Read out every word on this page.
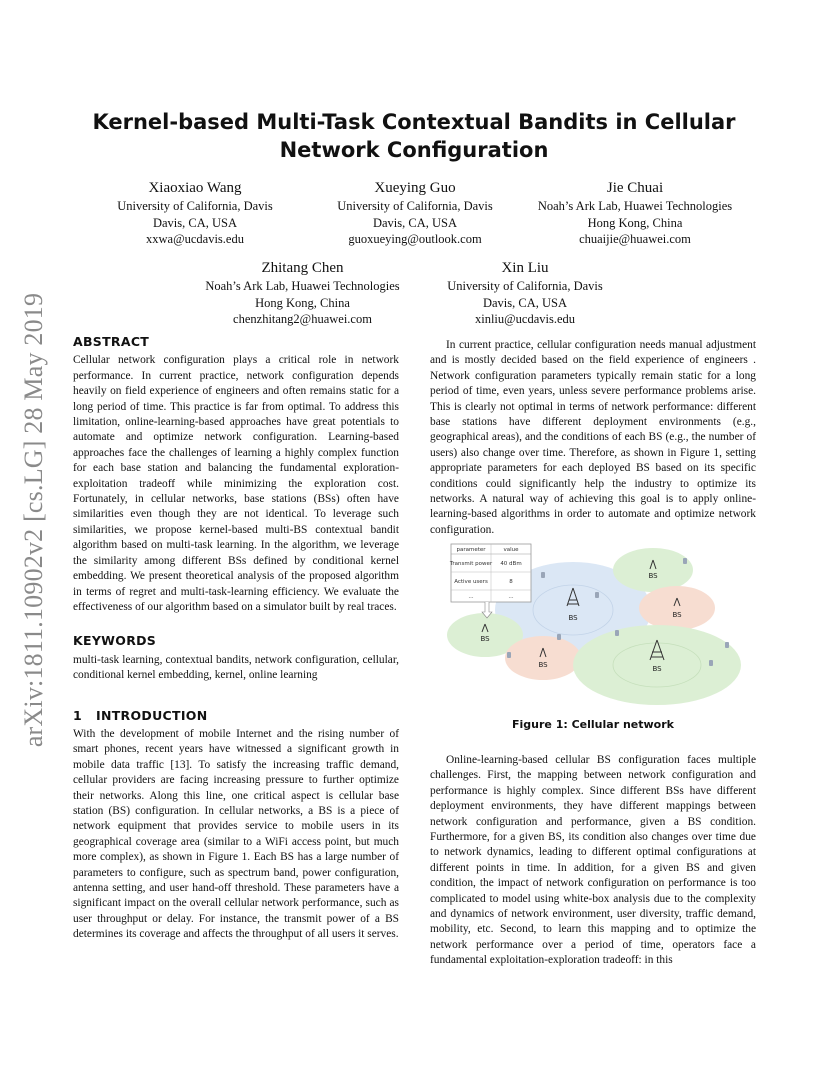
arXiv:1811.10902v2 [cs.LG] 28 May 2019
Kernel-based Multi-Task Contextual Bandits in Cellular Network Configuration
Xiaoxiao Wang
University of California, Davis
Davis, CA, USA
xxwa@ucdavis.edu
Xueying Guo
University of California, Davis
Davis, CA, USA
guoxueying@outlook.com
Jie Chuai
Noah’s Ark Lab, Huawei Technologies
Hong Kong, China
chuaijie@huawei.com
Zhitang Chen
Noah’s Ark Lab, Huawei Technologies
Hong Kong, China
chenzhitang2@huawei.com
Xin Liu
University of California, Davis
Davis, CA, USA
xinliu@ucdavis.edu
ABSTRACT

Cellular network configuration plays a critical role in network performance. In current practice, network configuration depends heavily on field experience of engineers and often remains static for a long period of time. This practice is far from optimal. To address this limitation, online-learning-based approaches have great potentials to automate and optimize network configuration. Learning-based approaches face the challenges of learning a highly complex function for each base station and balancing the fundamental exploration-exploitation tradeoff while minimizing the exploration cost. Fortunately, in cellular networks, base stations (BSs) often have similarities even though they are not identical. To leverage such similarities, we propose kernel-based multi-BS contextual bandit algorithm based on multi-task learning. In the algorithm, we leverage the similarity among different BSs defined by conditional kernel embedding. We present theoretical analysis of the proposed algorithm in terms of regret and multi-task-learning efficiency. We evaluate the effectiveness of our algorithm based on a simulator built by real traces.

KEYWORDS

multi-task learning, contextual bandits, network configuration, cellular, conditional kernel embedding, kernel, online learning

1 INTRODUCTION

With the development of mobile Internet and the rising number of smart phones, recent years have witnessed a significant growth in mobile data traffic [13]. To satisfy the increasing traffic demand, cellular providers are facing increasing pressure to further optimize their networks. Along this line, one critical aspect is cellular base station (BS) configuration. In cellular networks, a BS is a piece of network equipment that provides service to mobile users in its geographical coverage area (similar to a WiFi access point, but much more complex), as shown in Figure 1. Each BS has a large number of parameters to configure, such as spectrum band, power configuration, antenna setting, and user hand-off threshold. These parameters have a significant impact on the overall cellular network performance, such as user throughput or delay. For instance, the transmit power of a BS determines its coverage and affects the throughput of all users it serves.

In current practice, cellular configuration needs manual adjustment and is mostly decided based on the field experience of engineers . Network configuration parameters typically remain static for a long period of time, even years, unless severe performance problems arise. This is clearly not optimal in terms of network performance: different base stations have different deployment environments (e.g., geographical areas), and the conditions of each BS (e.g., the number of users) also change over time. Therefore, as shown in Figure 1, setting appropriate parameters for each deployed BS based on its specific conditions could significantly help the industry to optimize its networks. A natural way of achieving this goal is to apply online-learning-based algorithms in order to automate and optimize network configuration.

BS
BS
BS
BS
BS	BS
parameter	value
Transmit power 40 dBm
Active users	8
...	...
Figure 1: Cellular network

Online-learning-based cellular BS configuration faces multiple challenges. First, the mapping between network configuration and performance is highly complex. Since different BSs have different deployment environments, they have different mappings between network configuration and performance, given a BS condition. Furthermore, for a given BS, its condition also changes over time due to network dynamics, leading to different optimal configurations at different points in time. In addition, for a given BS and given condition, the impact of network configuration on performance is too complicated to model using white-box analysis due to the complexity and dynamics of network environment, user diversity, traffic demand, mobility, etc. Second, to learn this mapping and to optimize the network performance over a period of time, operators face a fundamental exploitation-exploration tradeoff: in this
